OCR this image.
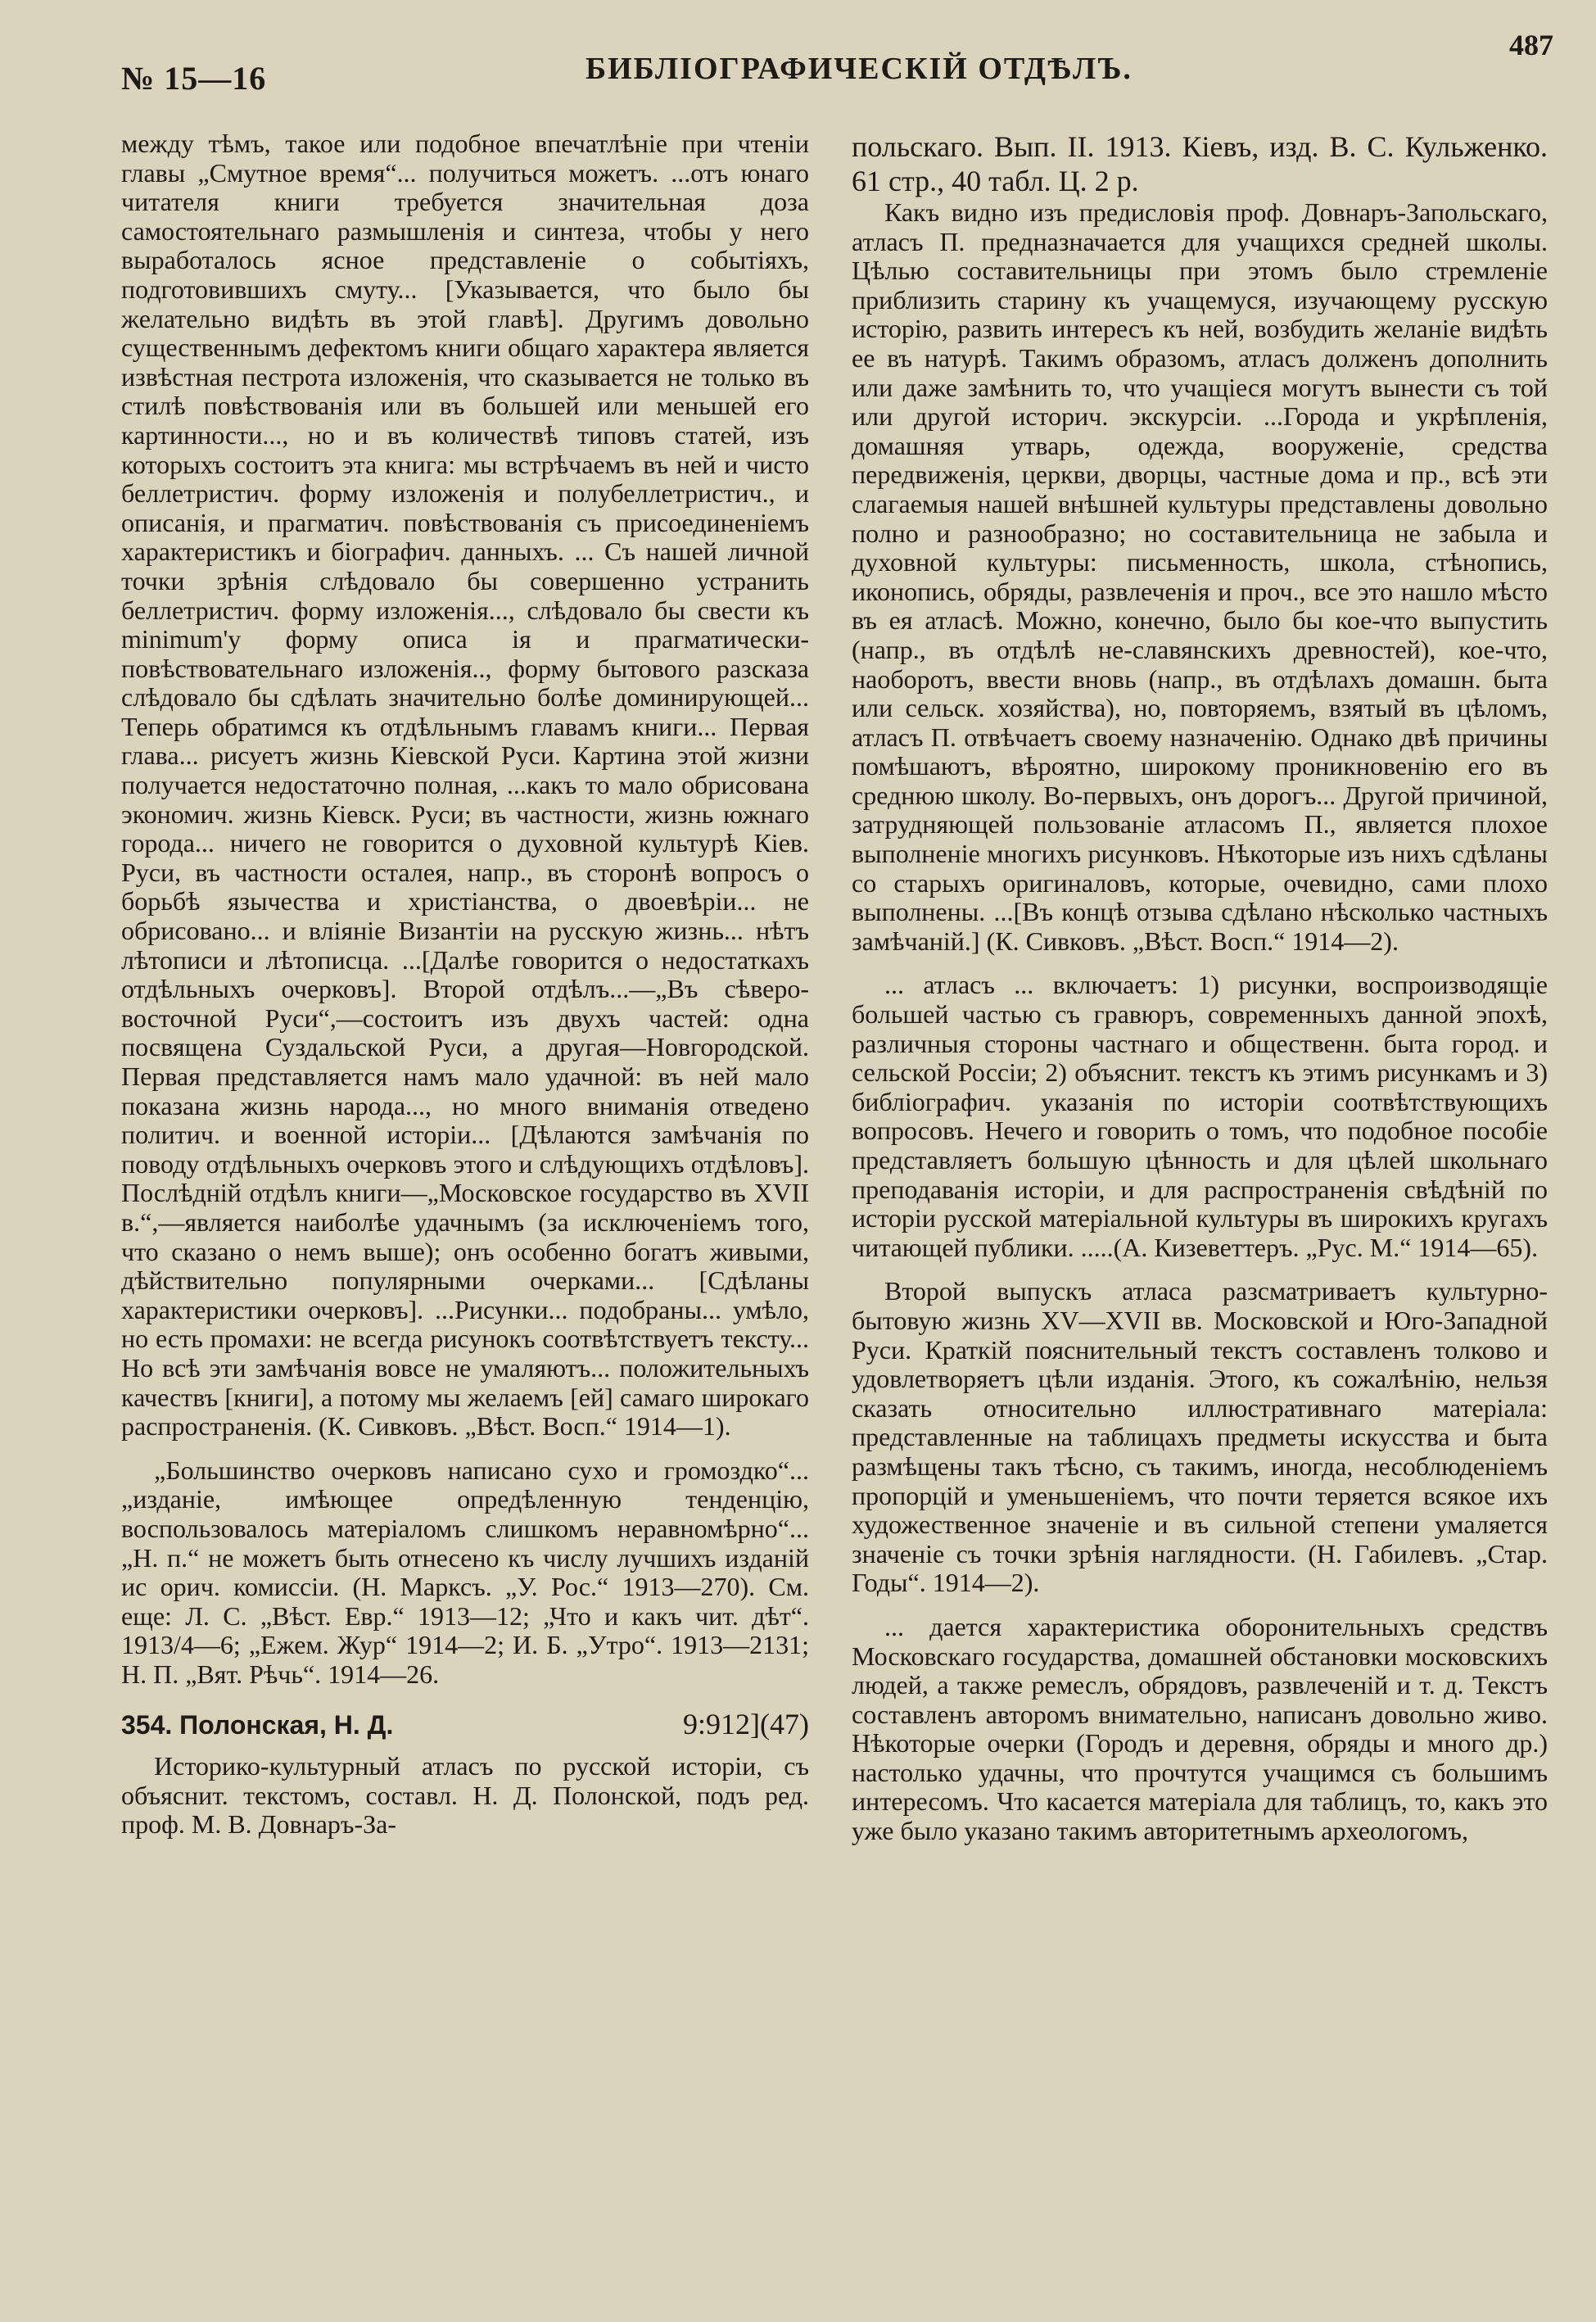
№ 15—16	БИБЛІОГРАФИЧЕСКІЙ ОТДѢЛЪ.
487

между тѣмъ, такое или подобное впечатлѣніе при чтеніи главы „Смутное время“... получиться можетъ. ...отъ юнаго читателя книги требуется значительная доза самостоятельнаго размышленія и синтеза, чтобы у него выработалось ясное представленіе о событіяхъ, подготовившихъ смуту... [Указывается, что было бы желательно видѣть въ этой главѣ]. Другимъ довольно существеннымъ дефектомъ книги общаго характера является извѣстная пестрота изложенія, что сказывается не только въ стилѣ повѣствованія или въ большей или меньшей его картинности..., но и въ количествѣ типовъ статей, изъ которыхъ состоитъ эта книга: мы встрѣчаемъ въ ней и чисто беллетристич. форму изложенія и полубеллетристич., и описанія, и прагматич. повѣствованія съ присоединеніемъ характеристикъ и біографич. данныхъ. ... Съ нашей личной точки зрѣнія слѣдовало бы совершенно устранить беллетристич. форму изложенія..., слѣдовало бы свести къ minimum'у форму описа ія и прагматически-повѣствовательнаго изложенія.., форму бытового разсказа слѣдовало бы сдѣлать значительно болѣе доминирующей... Теперь обратимся къ отдѣльнымъ главамъ книги... Первая глава... рисуетъ жизнь Кіевской Руси. Картина этой жизни получается недостаточно полная, ...какъ то мало обрисована экономич. жизнь Кіевск. Руси; въ частности, жизнь южнаго города... ничего не говорится о духовной культурѣ Кіев. Руси, въ частности осталея, напр., въ сторонѣ вопросъ о борьбѣ язычества и христіанства, о двоевѣріи... не обрисовано... и вліяніе Византіи на русскую жизнь... нѣтъ лѣтописи и лѣтописца. ...[Далѣе говорится о недостаткахъ отдѣльныхъ очерковъ]. Второй отдѣлъ...—„Въ сѣверо-восточной Руси“,—состоитъ изъ двухъ частей: одна посвящена Суздальской Руси, а другая—Новгородской. Первая представляется намъ мало удачной: въ ней мало показана жизнь народа..., но много вниманія отведено политич. и военной исторіи... [Дѣлаются замѣчанія по поводу отдѣльныхъ очерковъ этого и слѣдующихъ отдѣловъ]. Послѣдній отдѣлъ книги—„Московское государство въ XVII в.“,—является наиболѣе удачнымъ (за исключеніемъ того, что сказано о немъ выше); онъ особенно богатъ живыми, дѣйствительно популярными очерками... [Сдѣланы характеристики очерковъ]. ...Рисунки... подобраны... умѣло, но есть промахи: не всегда рисунокъ соотвѣтствуетъ тексту... Но всѣ эти замѣчанія вовсе не умаляютъ... положительныхъ качествъ [книги], а потому мы желаемъ [ей] самаго широкаго распространенія. (К. Сивковъ. „Вѣст. Восп.“ 1914—1).

„Большинство очерковъ написано сухо и громоздко“... „изданіе, имѣющее опредѣленную тенденцію, воспользовалось матеріаломъ слишкомъ неравномѣрно“... „Н. п.“ не можетъ быть отнесено къ числу лучшихъ изданій ис орич. комиссіи. (Н. Марксъ. „У. Рос.“ 1913—270). См. еще: Л. С. „Вѣст. Евр.“ 1913—12; „Что и какъ чит. дѣт“. 1913/4—6; „Ежем. Жур“ 1914—2; И. Б. „Утро“. 1913—2131; Н. П. „Вят. Рѣчь“. 1914—26.

354. Полонская, Н. Д.	9:912](47)

Историко-культурный атласъ по русской исторіи, съ объяснит. текстомъ, составл. Н. Д. Полонской, подъ ред. проф. М. В. Довнаръ-За-

польскаго. Вып. II. 1913. Кіевъ, изд. В. С. Кульженко. 61 стр., 40 табл. Ц. 2 р.

Какъ видно изъ предисловія проф. Довнаръ-Запольскаго, атласъ П. предназначается для учащихся средней школы. Цѣлью составительницы при этомъ было стремленіе приблизить старину къ учащемуся, изучающему русскую исторію, развить интересъ къ ней, возбудить желаніе видѣть ее въ натурѣ. Такимъ образомъ, атласъ долженъ дополнить или даже замѣнить то, что учащіеся могутъ вынести съ той или другой историч. экскурсіи. ...Города и укрѣпленія, домашняя утварь, одежда, вооруженіе, средства передвиженія, церкви, дворцы, частные дома и пр., всѣ эти слагаемыя нашей внѣшней культуры представлены довольно полно и разнообразно; но составительница не забыла и духовной культуры: письменность, школа, стѣнопись, иконопись, обряды, развлеченія и проч., все это нашло мѣсто въ ея атласѣ. Можно, конечно, было бы кое-что выпустить (напр., въ отдѣлѣ не-славянскихъ древностей), кое-что, наоборотъ, ввести вновь (напр., въ отдѣлахъ домашн. быта или сельск. хозяйства), но, повторяемъ, взятый въ цѣломъ, атласъ П. отвѣчаетъ своему назначенію. Однако двѣ причины помѣшаютъ, вѣроятно, широкому проникновенію его въ среднюю школу. Во-первыхъ, онъ дорогъ... Другой причиной, затрудняющей пользованіе атласомъ П., является плохое выполненіе многихъ рисунковъ. Нѣкоторые изъ нихъ сдѣланы со старыхъ оригиналовъ, которые, очевидно, сами плохо выполнены. ...[Въ концѣ отзыва сдѣлано нѣсколько частныхъ замѣчаній.] (К. Сивковъ. „Вѣст. Восп.“ 1914—2).

... атласъ ... включаетъ: 1) рисунки, воспроизводящіе большей частью съ гравюръ, современныхъ данной эпохѣ, различныя стороны частнаго и общественн. быта город. и сельской Россіи; 2) объяснит. текстъ къ этимъ рисункамъ и 3) библіографич. указанія по исторіи соотвѣтствующихъ вопросовъ. Нечего и говорить о томъ, что подобное пособіе представляетъ большую цѣнность и для цѣлей школьнаго преподаванія исторіи, и для распространенія свѣдѣній по исторіи русской матеріальной культуры въ широкихъ кругахъ читающей публики. .....(А. Кизеветтеръ. „Рус. М.“ 1914—65).

Второй выпускъ атласа разсматриваетъ культурно-бытовую жизнь XV—XVII вв. Московской и Юго-Западной Руси. Краткій пояснительный текстъ составленъ толково и удовлетворяетъ цѣли изданія. Этого, къ сожалѣнію, нельзя сказать относительно иллюстративнаго матеріала: представленные на таблицахъ предметы искусства и быта размѣщены такъ тѣсно, съ такимъ, иногда, несоблюденіемъ пропорцій и уменьшеніемъ, что почти теряется всякое ихъ художественное значеніе и въ сильной степени умаляется значеніе съ точки зрѣнія наглядности. (Н. Габилевъ. „Стар. Годы“. 1914—2).

... дается характеристика оборонительныхъ средствъ Московскаго государства, домашней обстановки московскихъ людей, а также ремеслъ, обрядовъ, развлеченій и т. д. Текстъ составленъ авторомъ внимательно, написанъ довольно живо. Нѣкоторые очерки (Городъ и деревня, обряды и много др.) настолько удачны, что прочтутся учащимся съ большимъ интересомъ. Что касается матеріала для таблицъ, то, какъ это уже было указано такимъ авторитетнымъ археологомъ,
